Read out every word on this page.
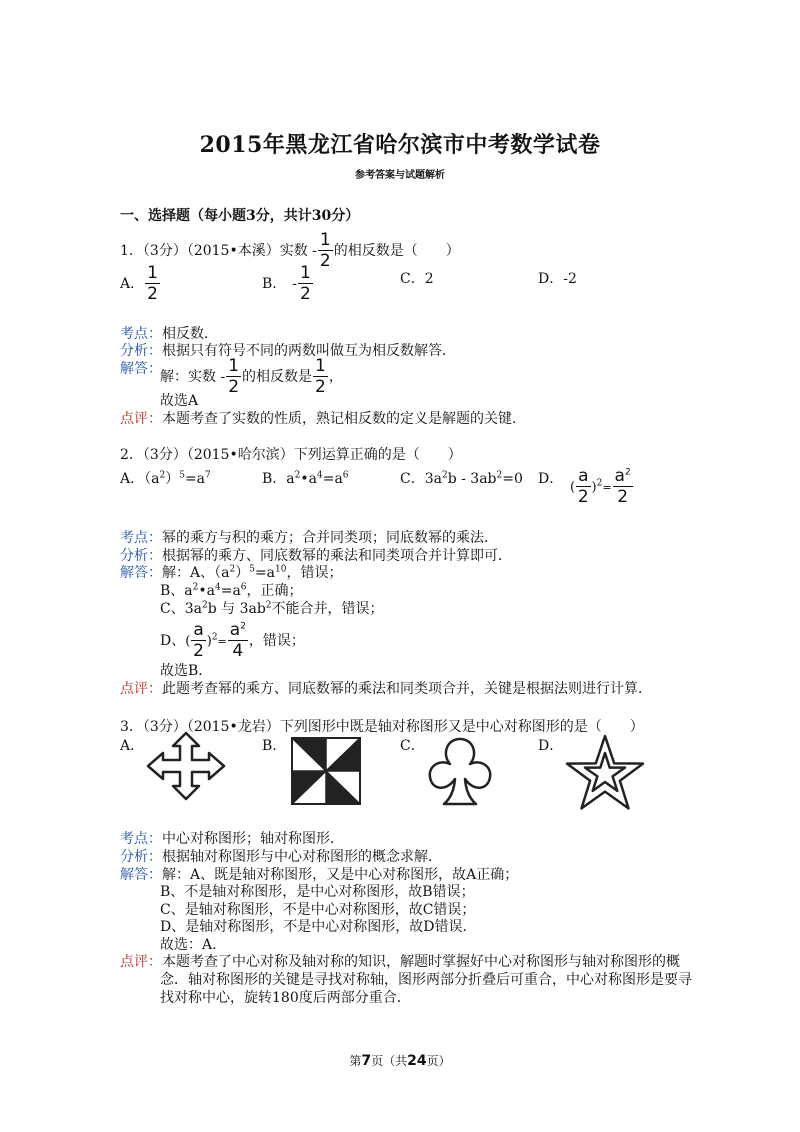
2015年黑龙江省哈尔滨市中考数学试卷
参考答案与试题解析
一、选择题（每小题3分，共计30分）
1．（3分）（2015•本溪）实数 - $\frac{1}{2}$ 的相反数是（　　）
A． $\frac{1}{2}$	B． - $\frac{1}{2}$	C．2	D．-2
考点：相反数．
分析：根据只有符号不同的两数叫做互为相反数解答．
解答：
解：实数 - $\frac{1}{2}$ 的相反数是 $\frac{1}{2}$ ，
故选A
点评：本题考查了实数的性质，熟记相反数的定义是解题的关键．
2．（3分）（2015•哈尔滨）下列运算正确的是（　　）
A．$(a^2)^5=a^7$	B．$a^2•a^4=a^6$	C．$3a^2b - 3ab^2=0$ D．
( $\frac{a}{2} )^2= \frac{a^2}{2}$
考点：幂的乘方与积的乘方；合并同类项；同底数幂的乘法．
分析：根据幂的乘方、同底数幂的乘法和同类项合并计算即可．
解答：解：A、$(a^2)^5=a^{10}$，错误；
B、$a^2•a^4=a^6$，正确；
C、$3a^2b$ 与 $3ab^2$不能合并，错误；
D、( $\frac{a}{2} )^2= \frac{a^2}{4}$ ，错误；
故选B．
点评：此题考查幂的乘方、同底数幂的乘法和同类项合并，关键是根据法则进行计算．
3．（3分）（2015•龙岩）下列图形中既是轴对称图形又是中心对称图形的是（　　）
A．	B．	C．	D．
考点：中心对称图形；轴对称图形．
分析：根据轴对称图形与中心对称图形的概念求解．
解答：解：A、既是轴对称图形，又是中心对称图形，故A正确；
B、不是轴对称图形，是中心对称图形，故B错误；
C、是轴对称图形，不是中心对称图形，故C错误；
D、是轴对称图形，不是中心对称图形，故D错误．
故选：A．
点评：本题考查了中心对称及轴对称的知识，解题时掌握好中心对称图形与轴对称图形的概
念．轴对称图形的关键是寻找对称轴，图形两部分折叠后可重合，中心对称图形是要寻
找对称中心，旋转180度后两部分重合．
第7页（共24页）
